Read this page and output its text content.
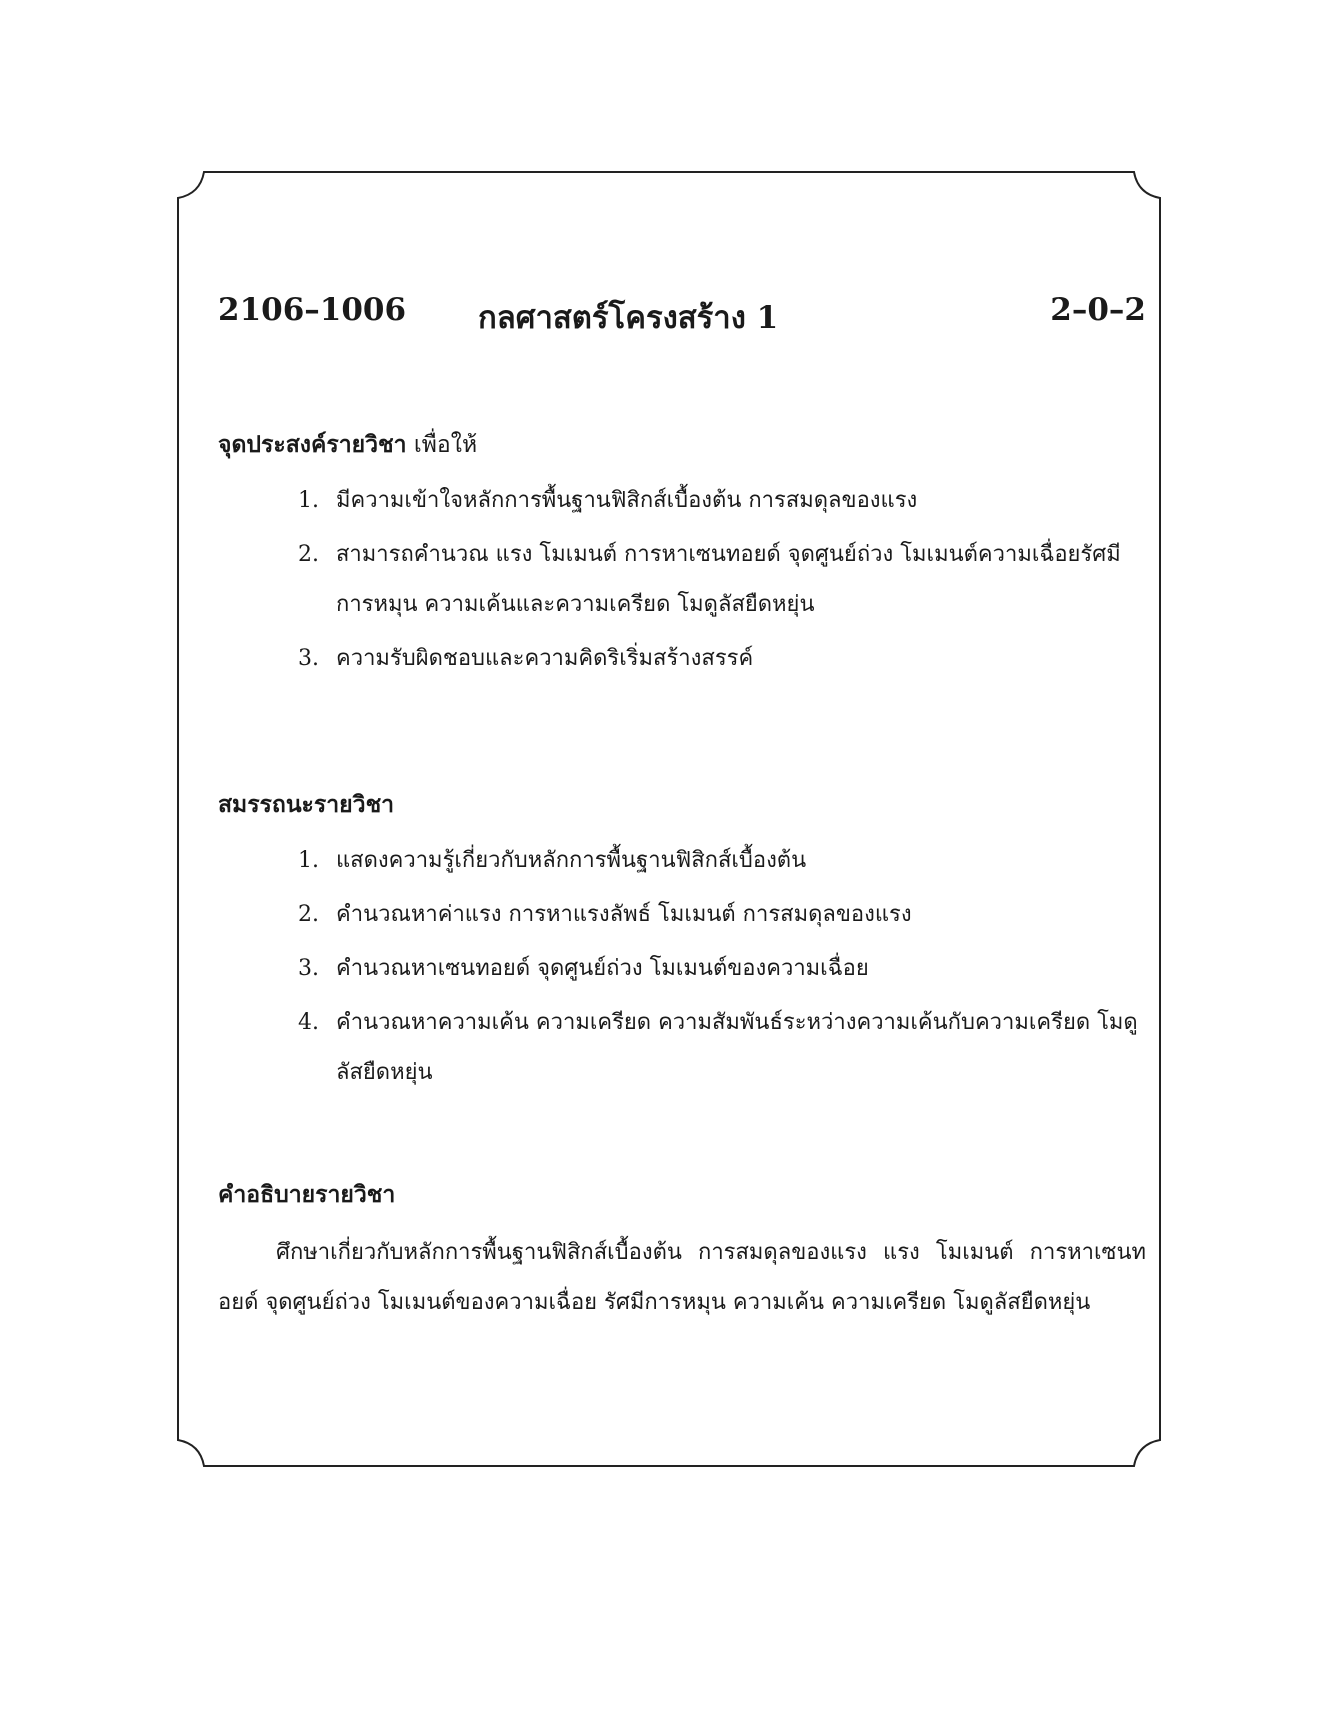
2106–1006 กลศาสตร์โครงสร้าง 1	2–0–2
จุดประสงค์รายวิชา เพื่อให้
1. มีความเข้าใจหลักการพื้นฐานฟิสิกส์เบื้องต้น การสมดุลของแรง
2. สามารถคำนวณ แรง โมเมนต์ การหาเซนทอยด์ จุดศูนย์ถ่วง โมเมนต์ความเฉื่อยรัศมีการหมุน ความเค้นและความเครียด โมดูลัสยืดหยุ่น
3. ความรับผิดชอบและความคิดริเริ่มสร้างสรรค์
สมรรถนะรายวิชา
1. แสดงความรู้เกี่ยวกับหลักการพื้นฐานฟิสิกส์เบื้องต้น
2. คำนวณหาค่าแรง การหาแรงลัพธ์ โมเมนต์ การสมดุลของแรง
3. คำนวณหาเซนทอยด์ จุดศูนย์ถ่วง โมเมนต์ของความเฉื่อย
4. คำนวณหาความเค้น ความเครียด ความสัมพันธ์ระหว่างความเค้นกับความเครียด โมดูลัสยืดหยุ่น
คำอธิบายรายวิชา

ศึกษาเกี่ยวกับหลักการพื้นฐานฟิสิกส์เบื้องต้น การสมดุลของแรง แรง โมเมนต์ การหาเซนทอยด์ จุดศูนย์ถ่วง โมเมนต์ของความเฉื่อย รัศมีการหมุน ความเค้น ความเครียด โมดูลัสยืดหยุ่น
